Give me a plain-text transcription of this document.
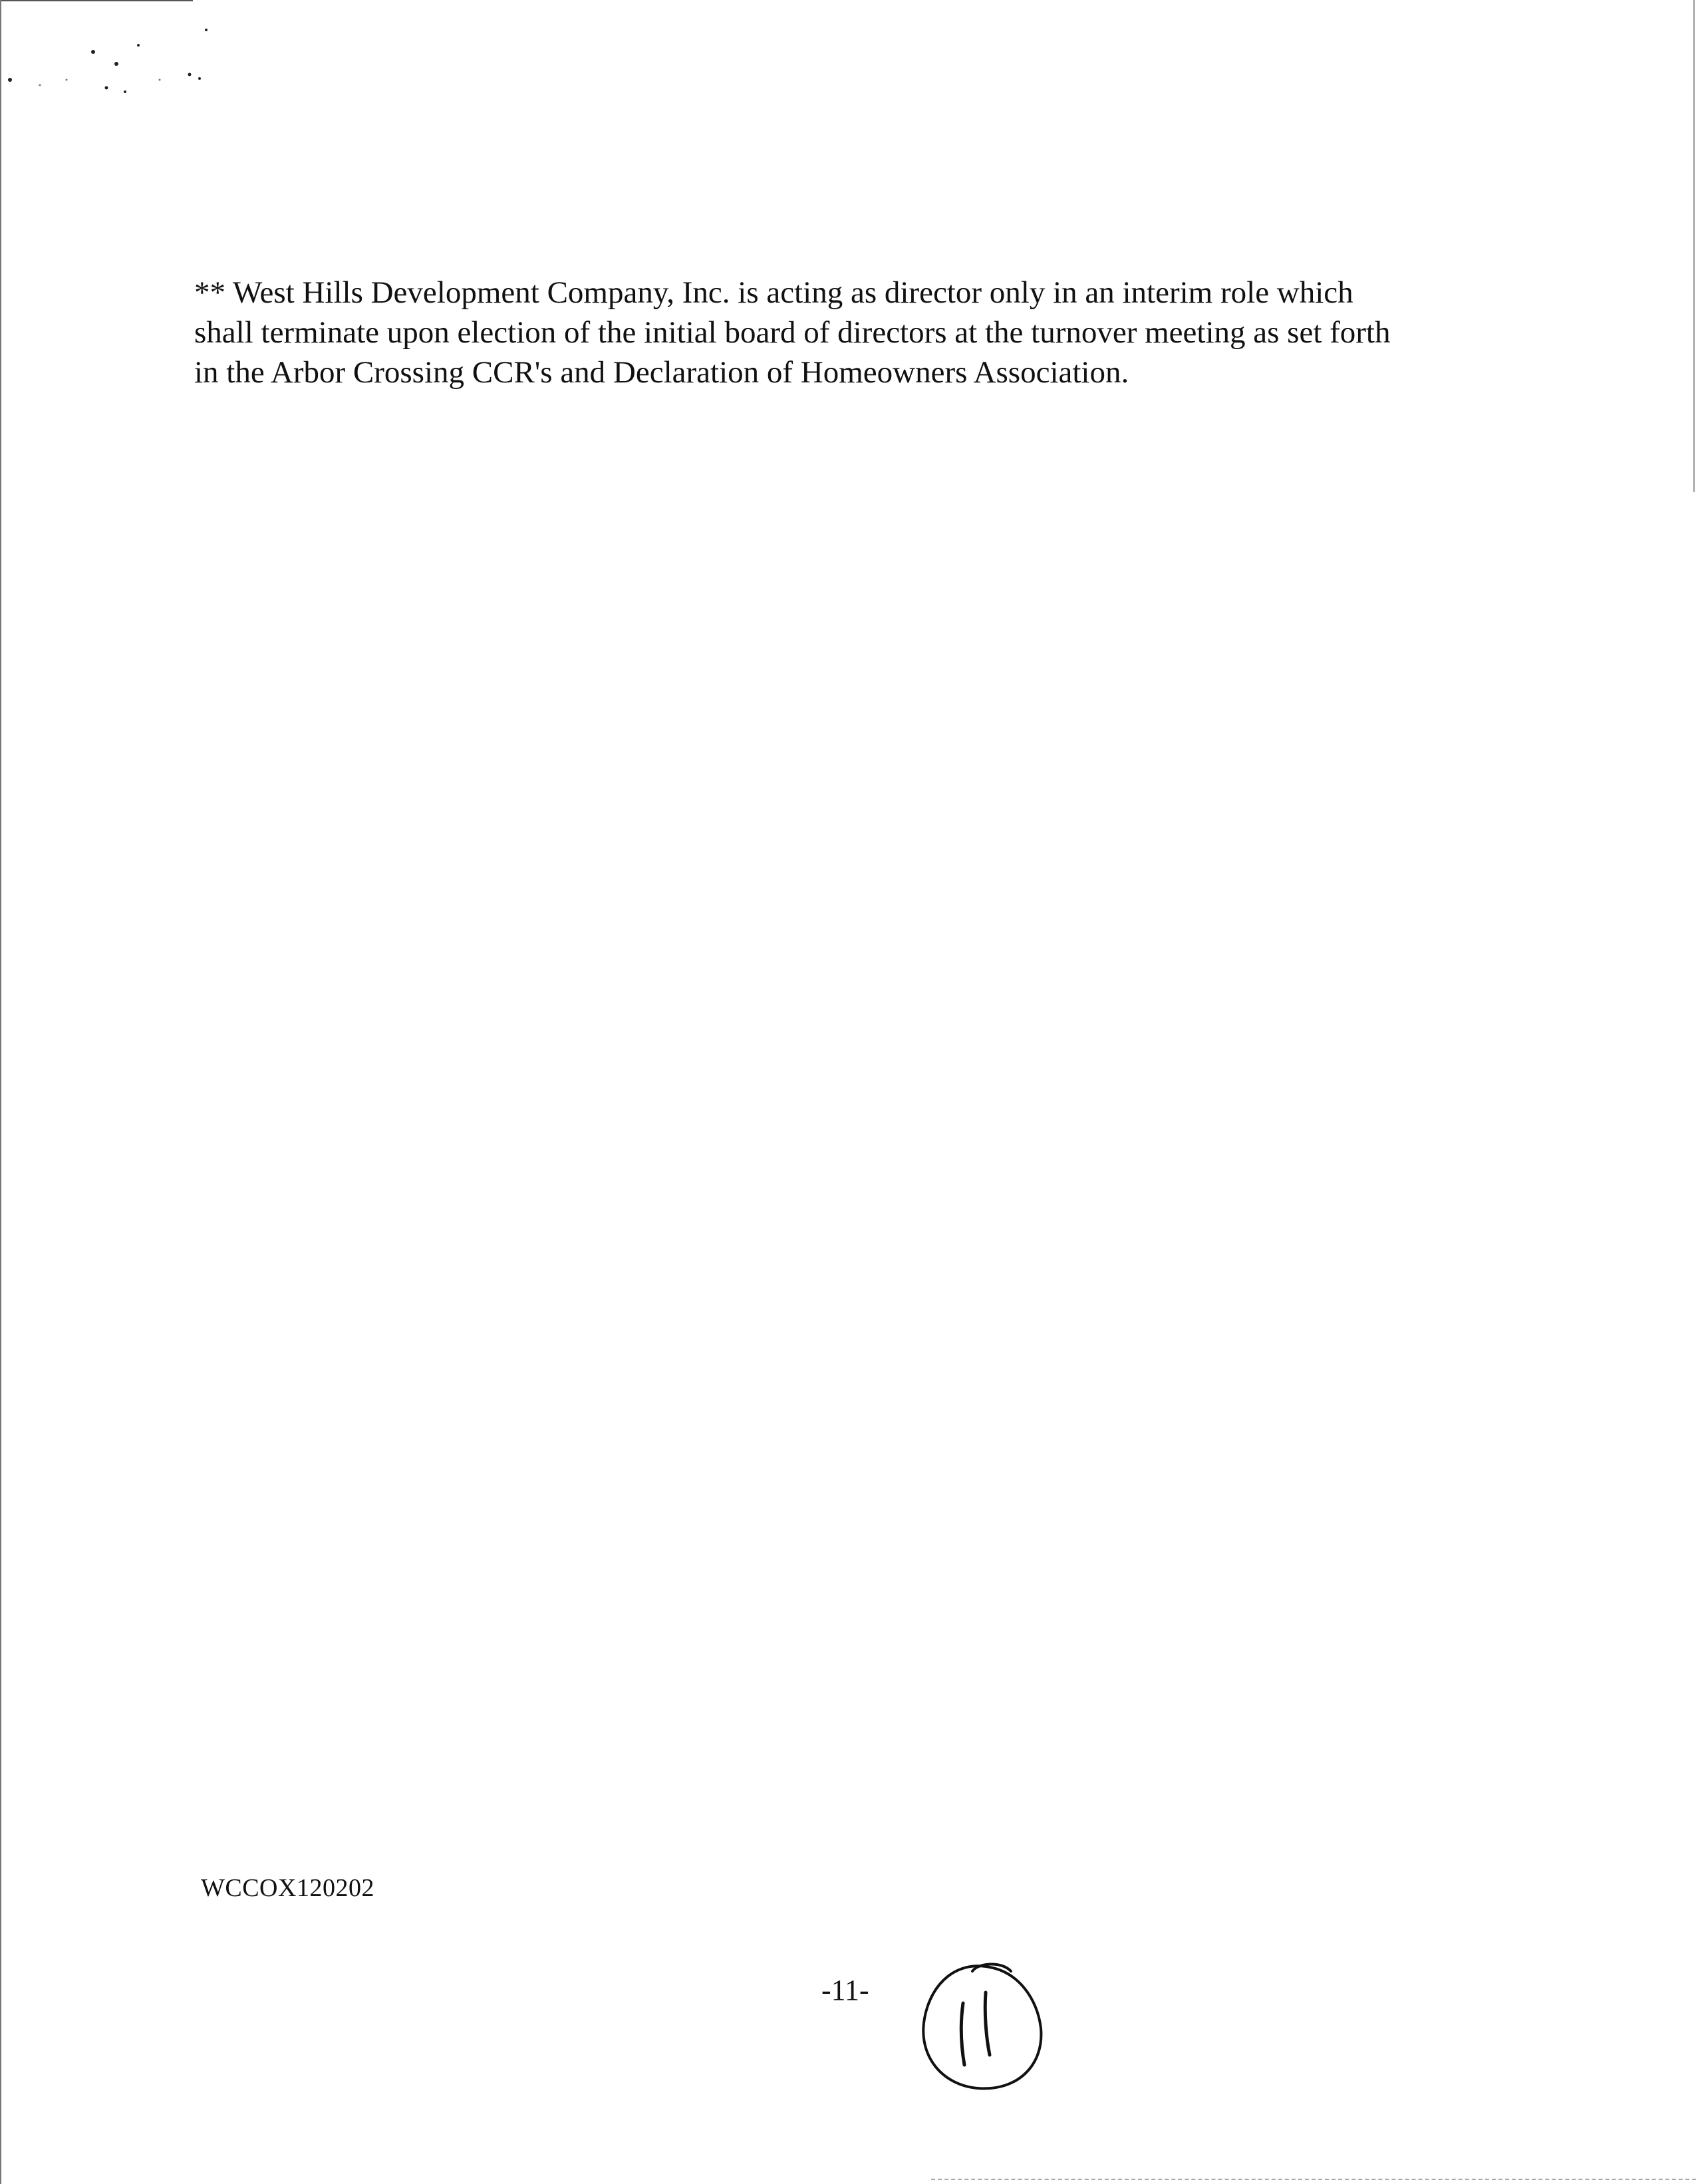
** West Hills Development Company, Inc. is acting as director only in an interim role which
shall terminate upon election of the initial board of directors at the turnover meeting as set forth
in the Arbor Crossing CCR's and Declaration of Homeowners Association.

WCCOX120202
-11-
